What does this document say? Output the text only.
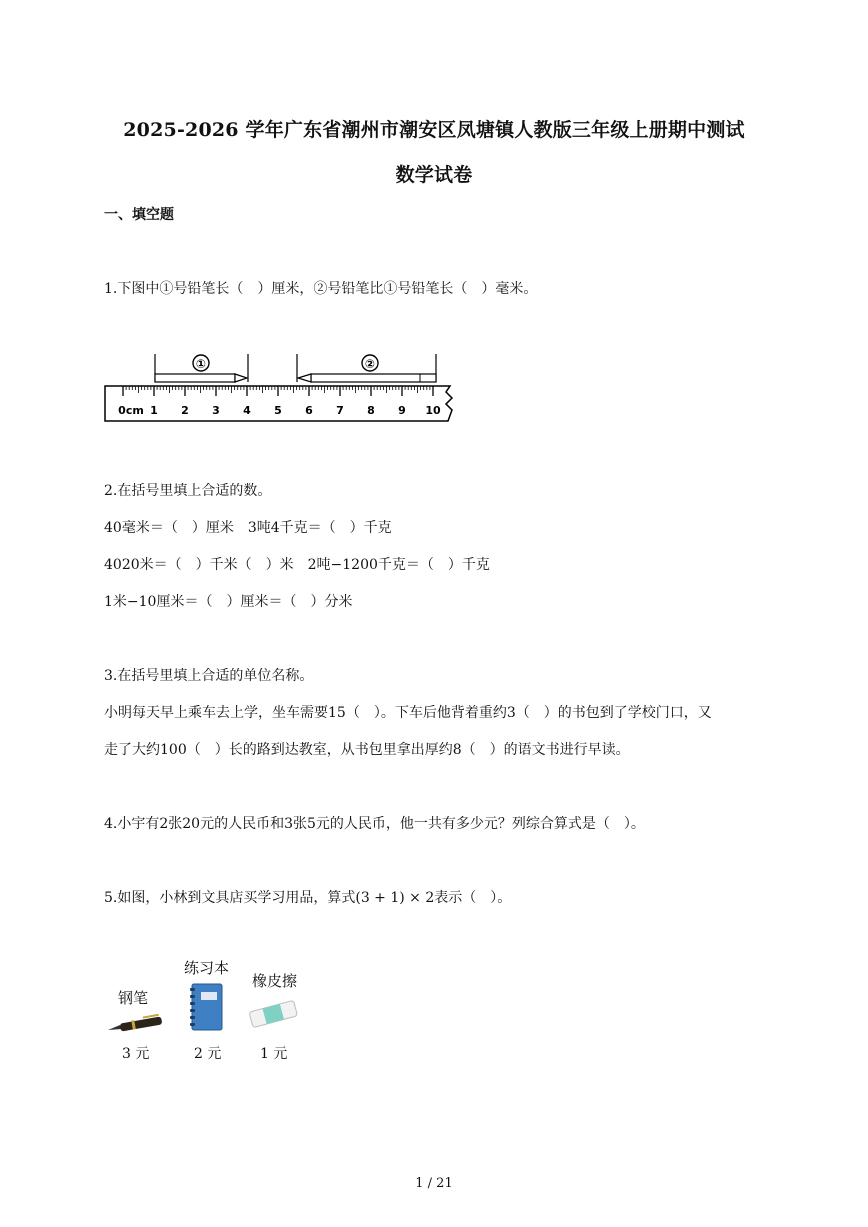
2025-2026 学年广东省潮州市潮安区凤塘镇人教版三年级上册期中测试
数学试卷
一、填空题
1.下图中①号铅笔长（　）厘米，②号铅笔比①号铅笔长（　）毫米。
①	②
0cm 1 2 3 4 5 6 7 8 9 10
2.在括号里填上合适的数。
40毫米＝（　）厘米　3吨4千克＝（　）千克
4020米＝（　）千米（　）米　2吨−1200千克＝（　）千克
1米−10厘米＝（　）厘米＝（　）分米
3.在括号里填上合适的单位名称。
小明每天早上乘车去上学，坐车需要15（　）。下车后他背着重约3（　）的书包到了学校门口，又
走了大约100（　）长的路到达教室，从书包里拿出厚约8（　）的语文书进行早读。
4.小宇有2张20元的人民币和3张5元的人民币，他一共有多少元？列综合算式是（　）。
5.如图，小林到文具店买学习用品，算式(3 + 1) × 2表示（　）。
钢笔
3 元
练习本
2 元
橡皮擦
1 元
1 / 21
